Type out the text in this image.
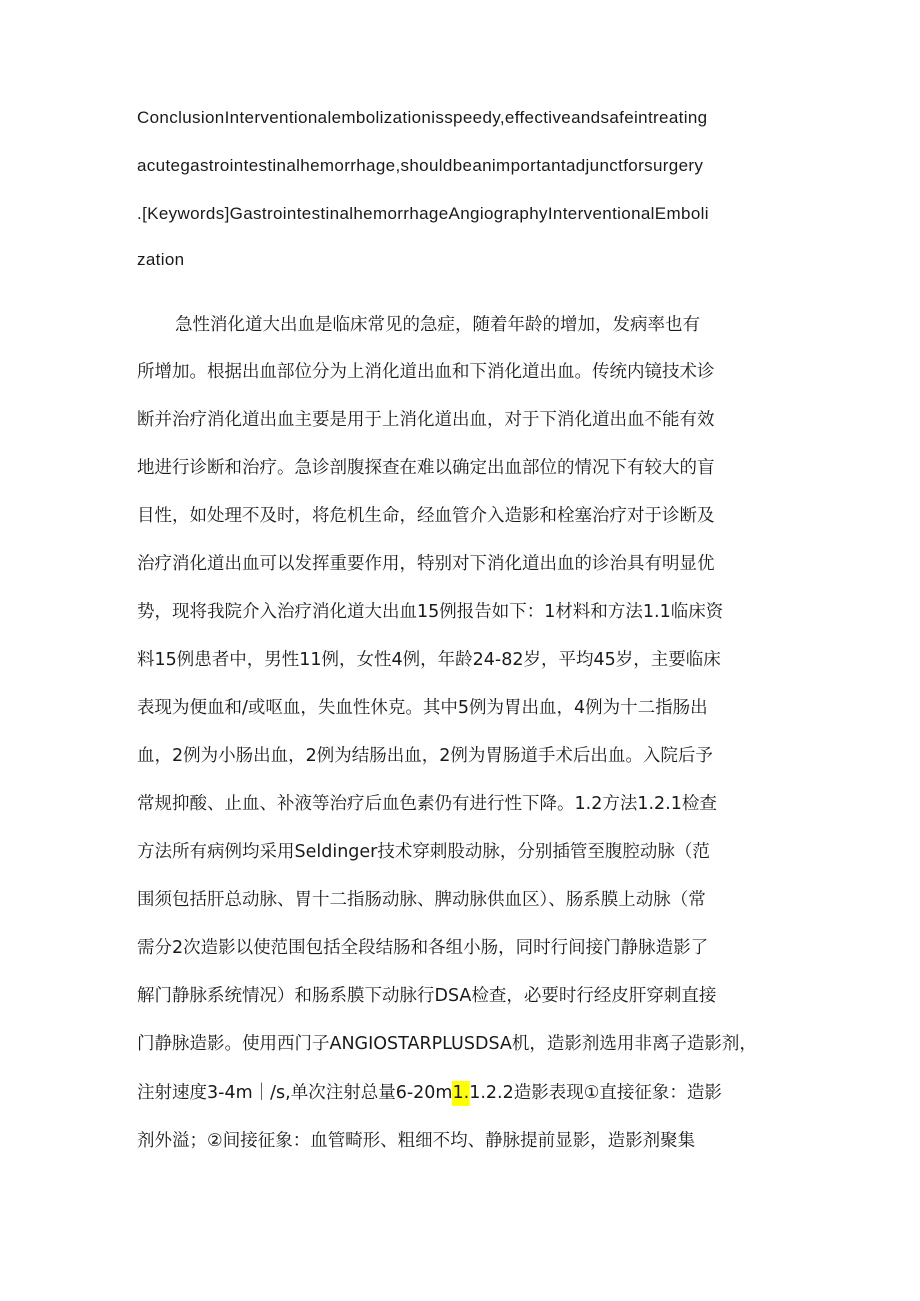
ConclusionInterventionalembolizationisspeedy,effectiveandsafeintreating
acutegastrointestinalhemorrhage,shouldbeanimportantadjunctforsurgery
.[Keywords]GastrointestinalhemorrhageAngiographyInterventionalEmboli
zation
急性消化道大出血是临床常见的急症，随着年龄的增加，发病率也有
所增加。根据出血部位分为上消化道出血和下消化道出血。传统内镜技术诊
断并治疗消化道出血主要是用于上消化道出血，对于下消化道出血不能有效
地进行诊断和治疗。急诊剖腹探查在难以确定出血部位的情况下有较大的盲
目性，如处理不及时，将危机生命，经血管介入造影和栓塞治疗对于诊断及
治疗消化道出血可以发挥重要作用，特别对下消化道出血的诊治具有明显优
势，现将我院介入治疗消化道大出血15例报告如下：1材料和方法1.1临床资
料15例患者中，男性11例，女性4例，年龄24-82岁，平均45岁，主要临床
表现为便血和/或呕血，失血性休克。其中5例为胃出血，4例为十二指肠出
血，2例为小肠出血，2例为结肠出血，2例为胃肠道手术后出血。入院后予
常规抑酸、止血、补液等治疗后血色素仍有进行性下降。1.2方法1.2.1检查
方法所有病例均采用Seldinger技术穿刺股动脉，分别插管至腹腔动脉（范
围须包括肝总动脉、胃十二指肠动脉、脾动脉供血区）、肠系膜上动脉（常
需分2次造影以使范围包括全段结肠和各组小肠，同时行间接门静脉造影了
解门静脉系统情况）和肠系膜下动脉行DSA检查，必要时行经皮肝穿刺直接
门静脉造影。使用西门子ANGIOSTARPLUSDSA机，造影剂选用非离子造影剂，
注射速度3-4m｜/s,单次注射总量6-20m1.1.2.2造影表现①直接征象：造影
剂外溢；②间接征象：血管畸形、粗细不均、静脉提前显影，造影剂聚集
